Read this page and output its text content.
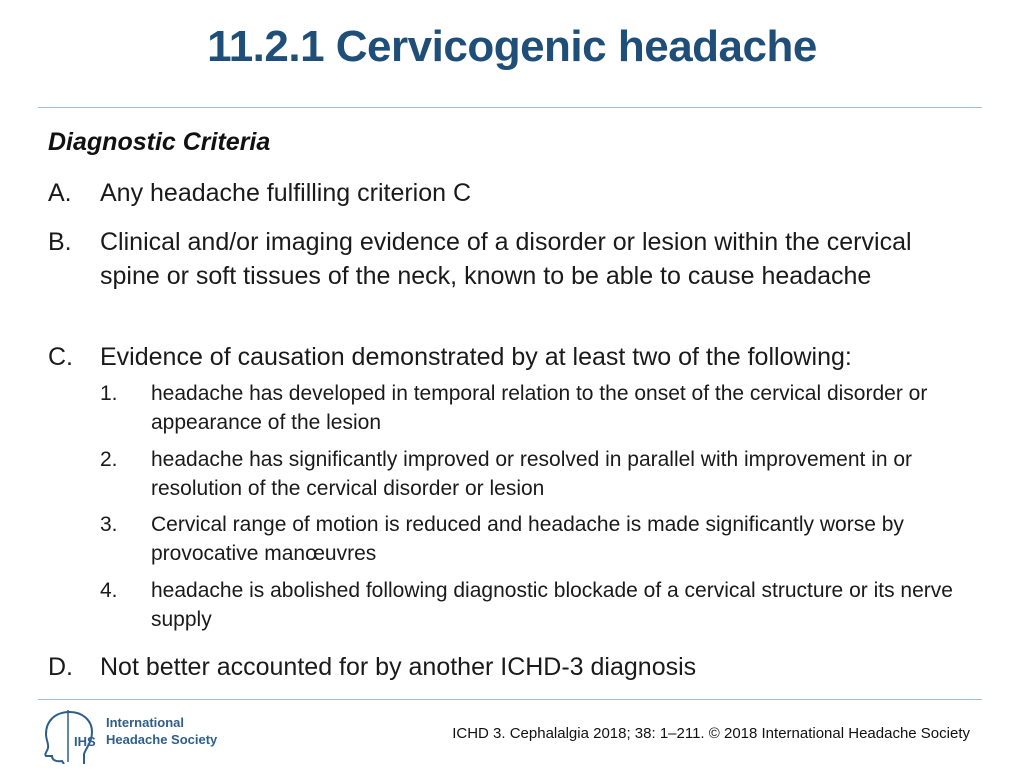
11.2.1 Cervicogenic headache
Diagnostic Criteria
A. Any headache fulfilling criterion C
B. Clinical and/or imaging evidence of a disorder or lesion within the cervical spine or soft tissues of the neck, known to be able to cause headache
C. Evidence of causation demonstrated by at least two of the following:
1. headache has developed in temporal relation to the onset of the cervical disorder or appearance of the lesion
2. headache has significantly improved or resolved in parallel with improvement in or resolution of the cervical disorder or lesion
3. Cervical range of motion is reduced and headache is made significantly worse by provocative manœuvres
4. headache is abolished following diagnostic blockade of a cervical structure or its nerve supply
D. Not better accounted for by another ICHD-3 diagnosis
IHS
International
Headache Society	ICHD 3. Cephalalgia 2018; 38: 1–211. © 2018 International Headache Society
